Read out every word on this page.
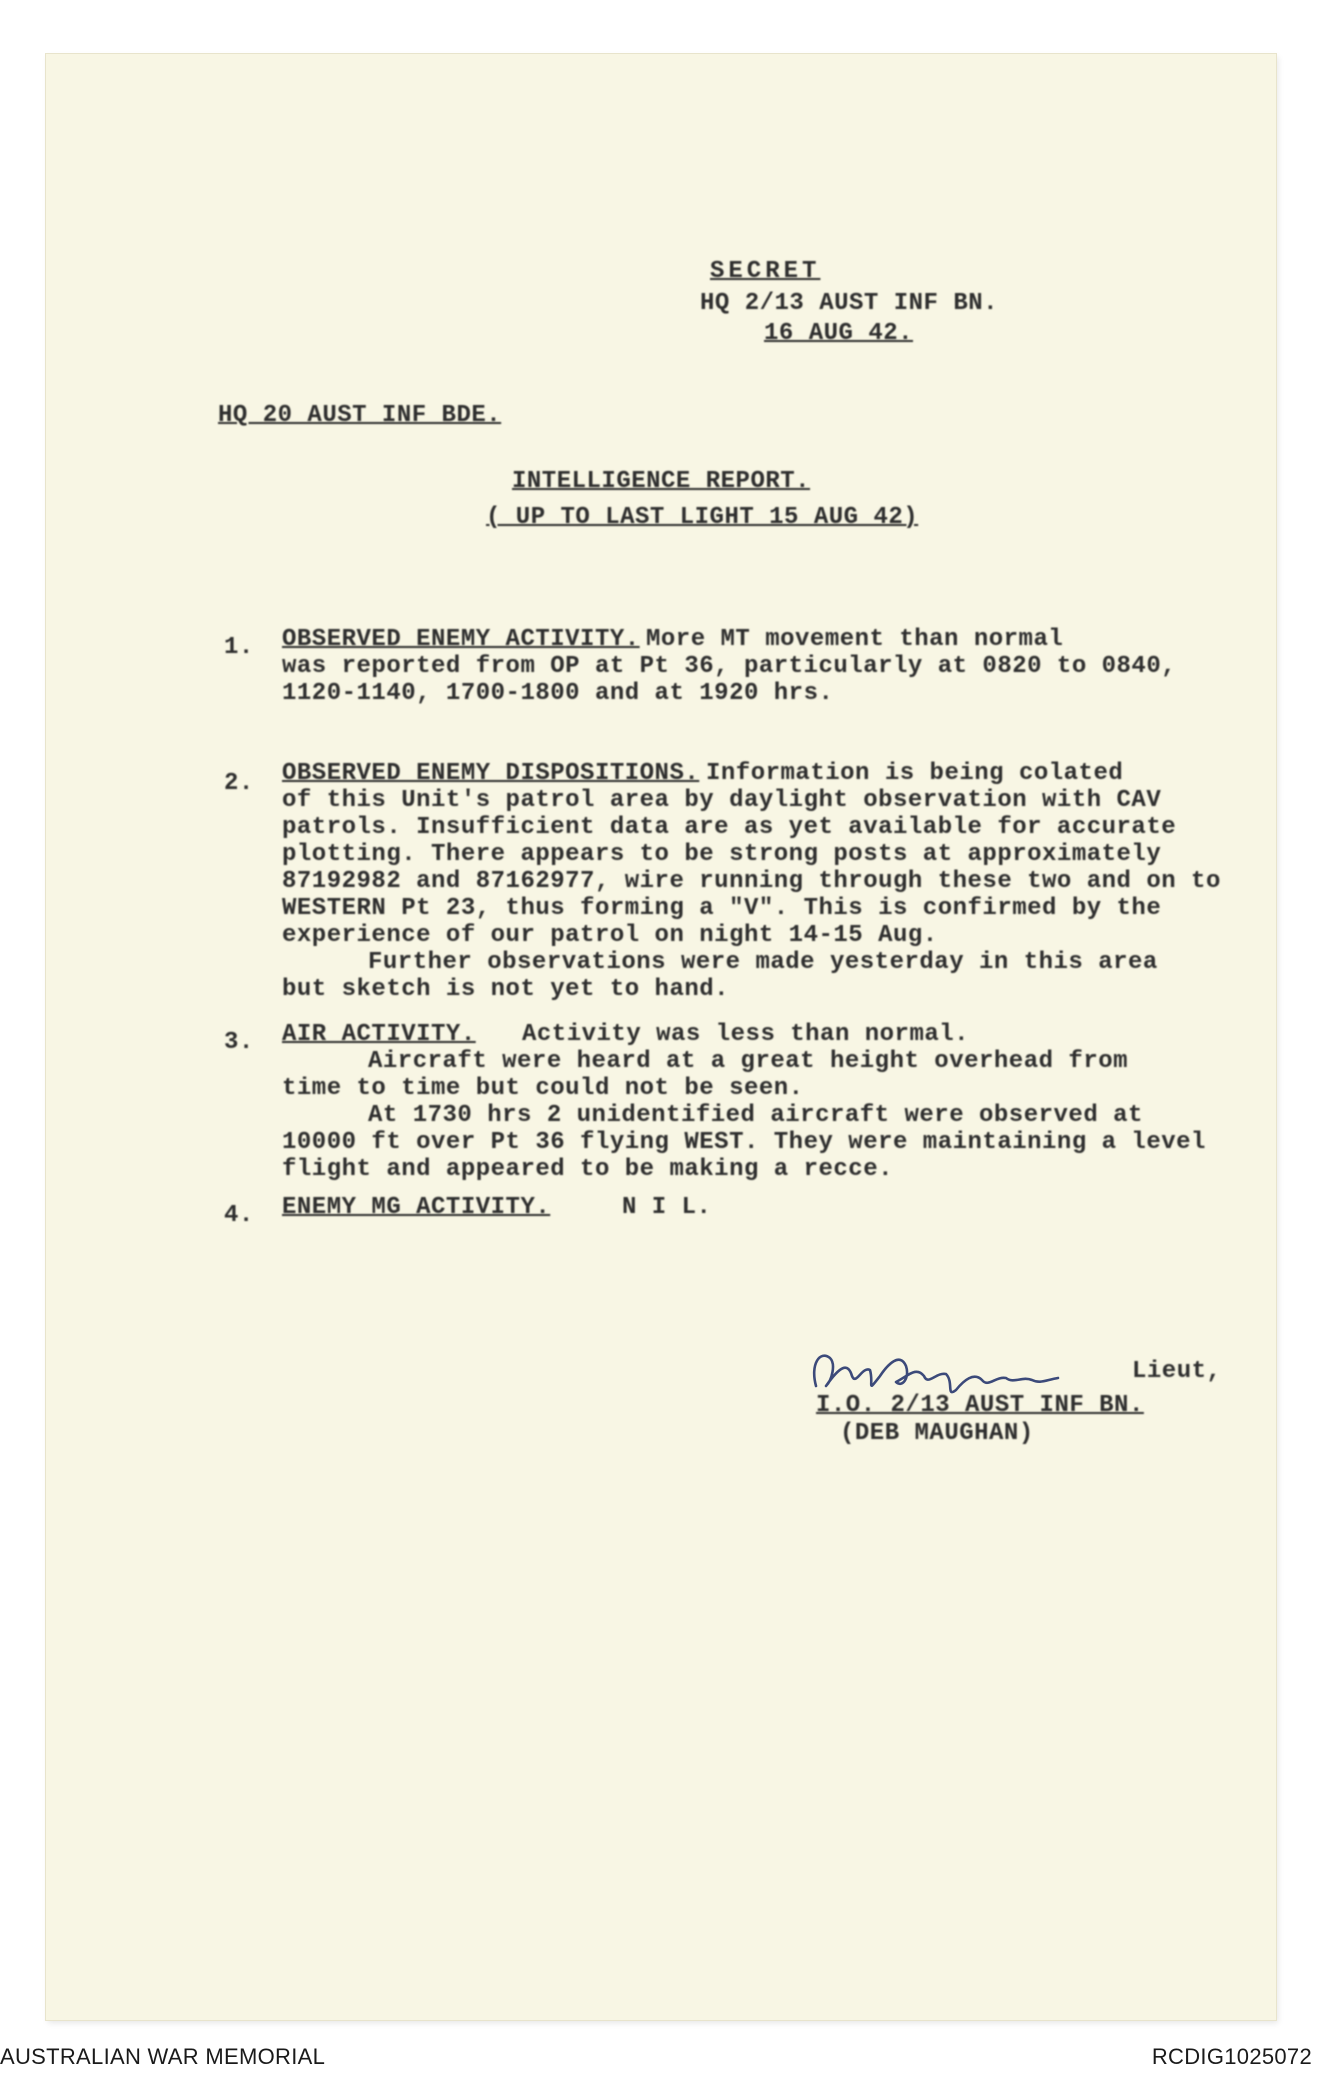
SECRET
HQ 2/13 AUST INF BN.
16 AUG 42.
HQ 20 AUST INF BDE.
INTELLIGENCE REPORT.
( UP TO LAST LIGHT 15 AUG 42)
1. OBSERVED ENEMY ACTIVITY. More MT movement than normal
was reported from OP at Pt 36, particularly at 0820 to 0840,
1120-1140, 1700-1800 and at 1920 hrs.
2. OBSERVED ENEMY DISPOSITIONS. Information is being colated
of this Unit's patrol area by daylight observation with CAV
patrols. Insufficient data are as yet available for accurate
plotting. There appears to be strong posts at approximately
87192982 and 87162977, wire running through these two and on to
WESTERN Pt 23, thus forming a "V". This is confirmed by the
experience of our patrol on night 14-15 Aug.
Further observations were made yesterday in this area
but sketch is not yet to hand.
3. AIR ACTIVITY. Activity was less than normal.
Aircraft were heard at a great height overhead from
time to time but could not be seen.
At 1730 hrs 2 unidentified aircraft were observed at
10000 ft over Pt 36 flying WEST. They were maintaining a level
flight and appeared to be making a recce.
4. ENEMY MG ACTIVITY.	N I L.
Lieut,
I.O. 2/13 AUST INF BN.
(DEB MAUGHAN)
AUSTRALIAN WAR MEMORIAL	RCDIG1025072
